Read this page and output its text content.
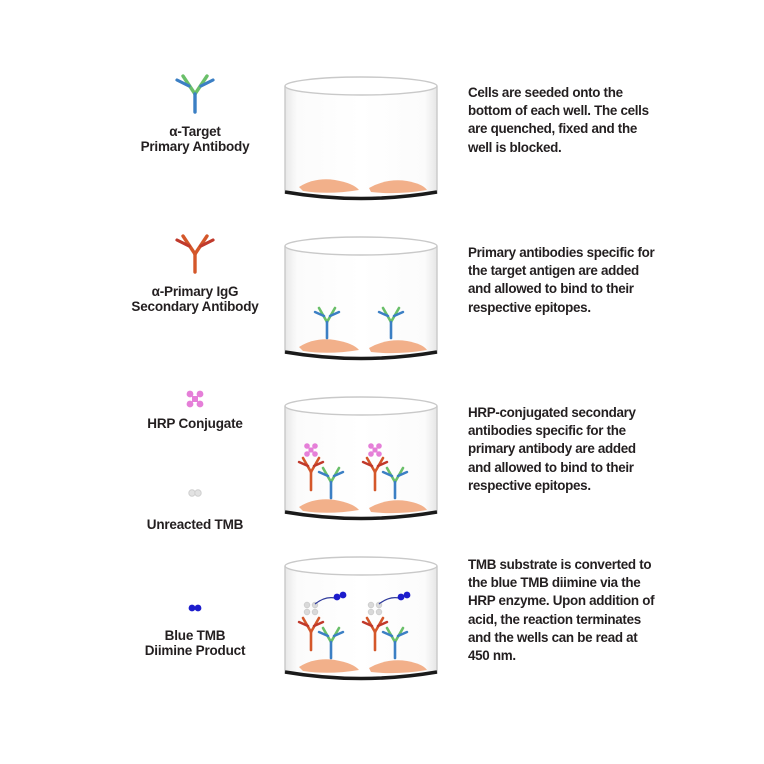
α-Target
Primary Antibody
Cells are seeded onto the bottom of each well. The cells are quenched, fixed and the well is blocked.
α-Primary IgG
Secondary Antibody
Primary antibodies specific for the target antigen are added and allowed to bind to their respective epitopes.
HRP Conjugate
Unreacted TMB
HRP-conjugated secondary antibodies specific for the primary antibody are added and allowed to bind to their respective epitopes.
Blue TMB
Diimine Product
TMB substrate is converted to the blue TMB diimine via the HRP enzyme. Upon addition of acid, the reaction terminates and the wells can be read at 450 nm.
